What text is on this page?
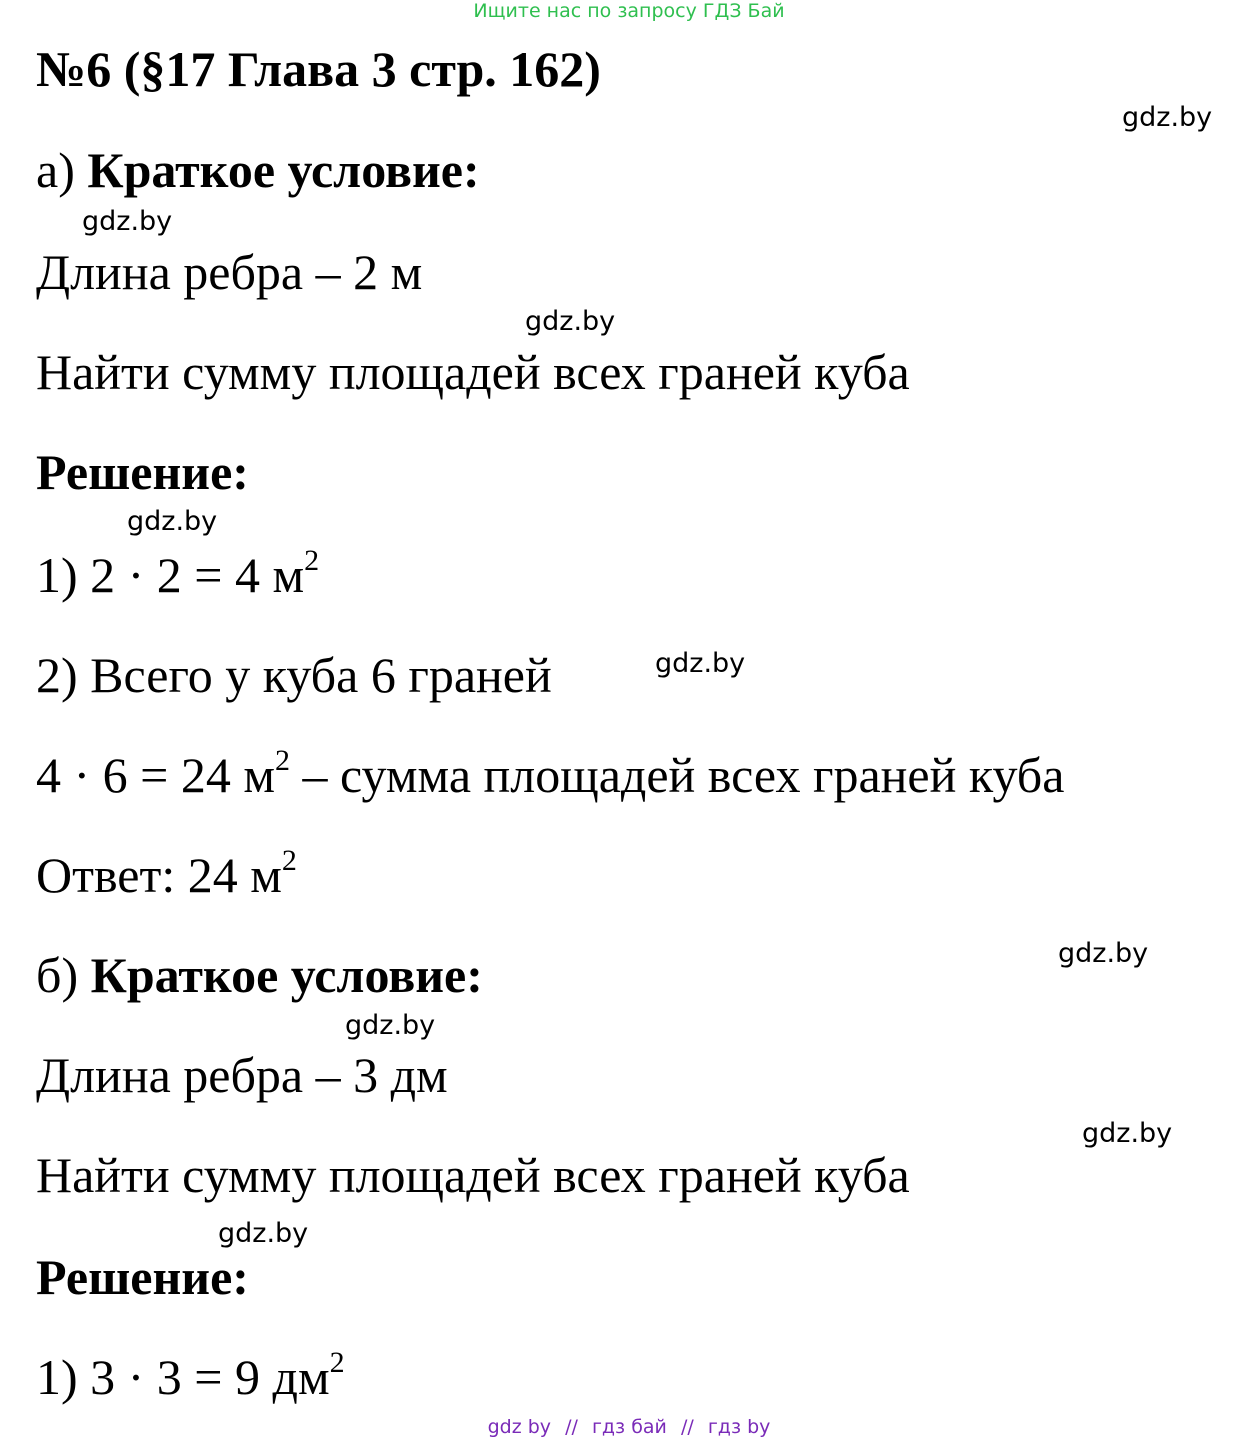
Ищите нас по запросу ГДЗ Бай
№6 (§17 Глава 3 стр. 162)
gdz.by
а) Краткое условие:
gdz.by
Длина ребра – 2 м
gdz.by
Найти сумму площадей всех граней куба
Решение:
gdz.by
1) 2 · 2 = 4 $м^2$
2) Всего у куба 6 граней	gdz.by
4 · 6 = 24 $м^2$ – сумма площадей всех граней куба
Ответ: 24 $м^2$
gdz.by
б) Краткое условие:
gdz.by
Длина ребра – 3 дм
gdz.by
Найти сумму площадей всех граней куба
gdz.by
Решение:
1) 3 · 3 = 9 $дм^2$
gdz by // гдз бай // гдз by
